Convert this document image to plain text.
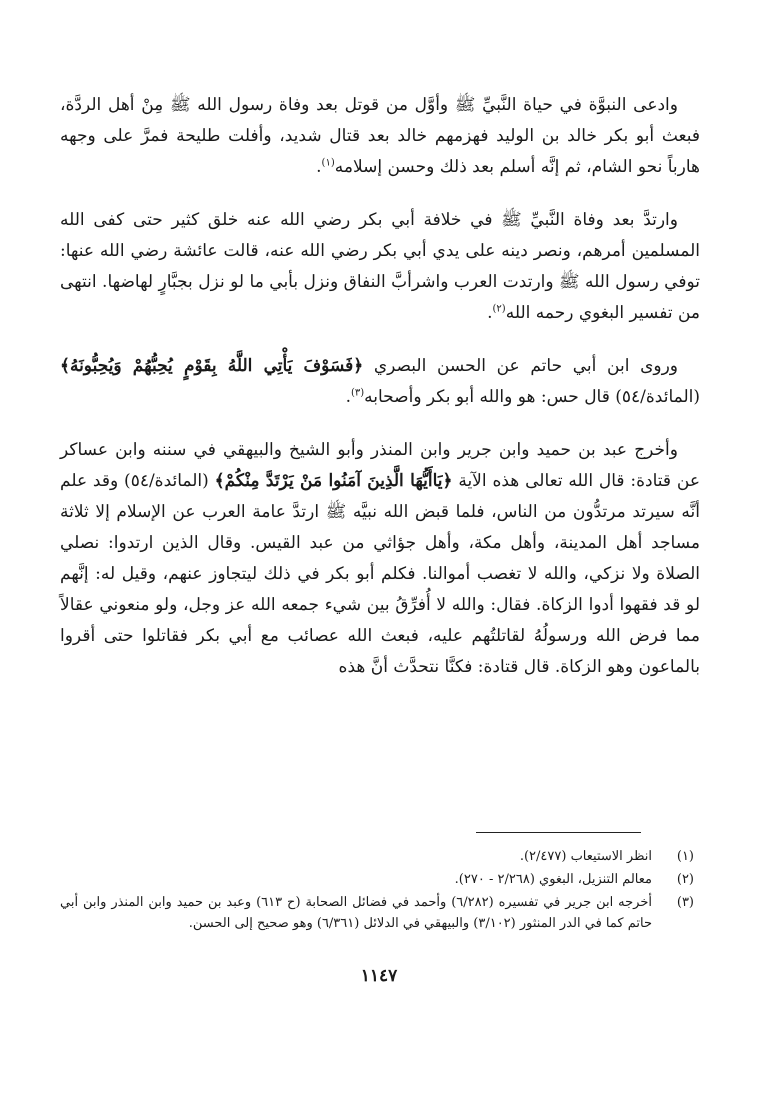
وادعى النبوَّة في حياة النَّبيِّ ﷺ وأوَّل من قوتل بعد وفاة رسول الله ﷺ مِنْ أهل الردَّة، فبعث أبو بكر خالد بن الوليد فهزمهم خالد بعد قتال شديد، وأفلت طليحة فمرَّ على وجهه هارباً نحو الشام، ثم إنَّه أسلم بعد ذلك وحسن إسلامه$^{(١)}$.

وارتدَّ بعد وفاة النَّبيِّ ﷺ في خلافة أبي بكر رضي الله عنه خلق كثير حتى كفى الله المسلمين أمرهم، ونصر دينه على يدي أبي بكر رضي الله عنه، قالت عائشة رضي الله عنها: توفي رسول الله ﷺ وارتدت العرب واشرأبَّ النفاق ونزل بأبي ما لو نزل بجبَّارٍ لهاضها. انتهى من تفسير البغوي رحمه الله$^{(٢)}$.

وروى ابن أبي حاتم عن الحسن البصري ﴿فَسَوْفَ يَأْتِي اللَّهُ بِقَوْمٍ يُحِبُّهُمْ وَيُحِبُّونَهُ﴾ (المائدة/٥٤) قال حس: هو والله أبو بكر وأصحابه$^{(٣)}$.

وأخرج عبد بن حميد وابن جرير وابن المنذر وأبو الشيخ والبيهقي في سننه وابن عساكر عن قتادة: قال الله تعالى هذه الآية ﴿يَاأَيُّهَا الَّذِينَ آمَنُوا مَنْ يَرْتَدَّ مِنْكُمْ﴾ (المائدة/٥٤) وقد علم أنَّه سيرتد مرتدُّون من الناس، فلما قبض الله نبيَّه ﷺ ارتدَّ عامة العرب عن الإسلام إلا ثلاثة مساجد أهل المدينة، وأهل مكة، وأهل جؤاثي من عبد القيس. وقال الذين ارتدوا: نصلي الصلاة ولا نزكي، والله لا تغصب أموالنا. فكلم أبو بكر في ذلك ليتجاوز عنهم، وقيل له: إنَّهم لو قد فقهوا أدوا الزكاة. فقال: والله لا أُفرِّقُ بين شيء جمعه الله عز وجل، ولو منعوني عقالاً مما فرض الله ورسولُهُ لقاتلتُهم عليه، فبعث الله عصائب مع أبي بكر فقاتلوا حتى أقروا بالماعون وهو الزكاة. قال قتادة: فكنَّا نتحدَّث أنَّ هذه

(١)
انظر الاستيعاب (٢/٤٧٧).
(٢)
معالم التنزيل، البغوي (٢/٢٦٨ - ٢٧٠).
(٣)
أخرجه ابن جرير في تفسيره (٦/٢٨٢) وأحمد في فضائل الصحابة (ح ٦١٣) وعبد بن حميد وابن المنذر وابن أبي حاتم كما في الدر المنثور (٣/١٠٢) والبيهقي في الدلائل (٦/٣٦١) وهو صحيح إلى الحسن.
١١٤٧
